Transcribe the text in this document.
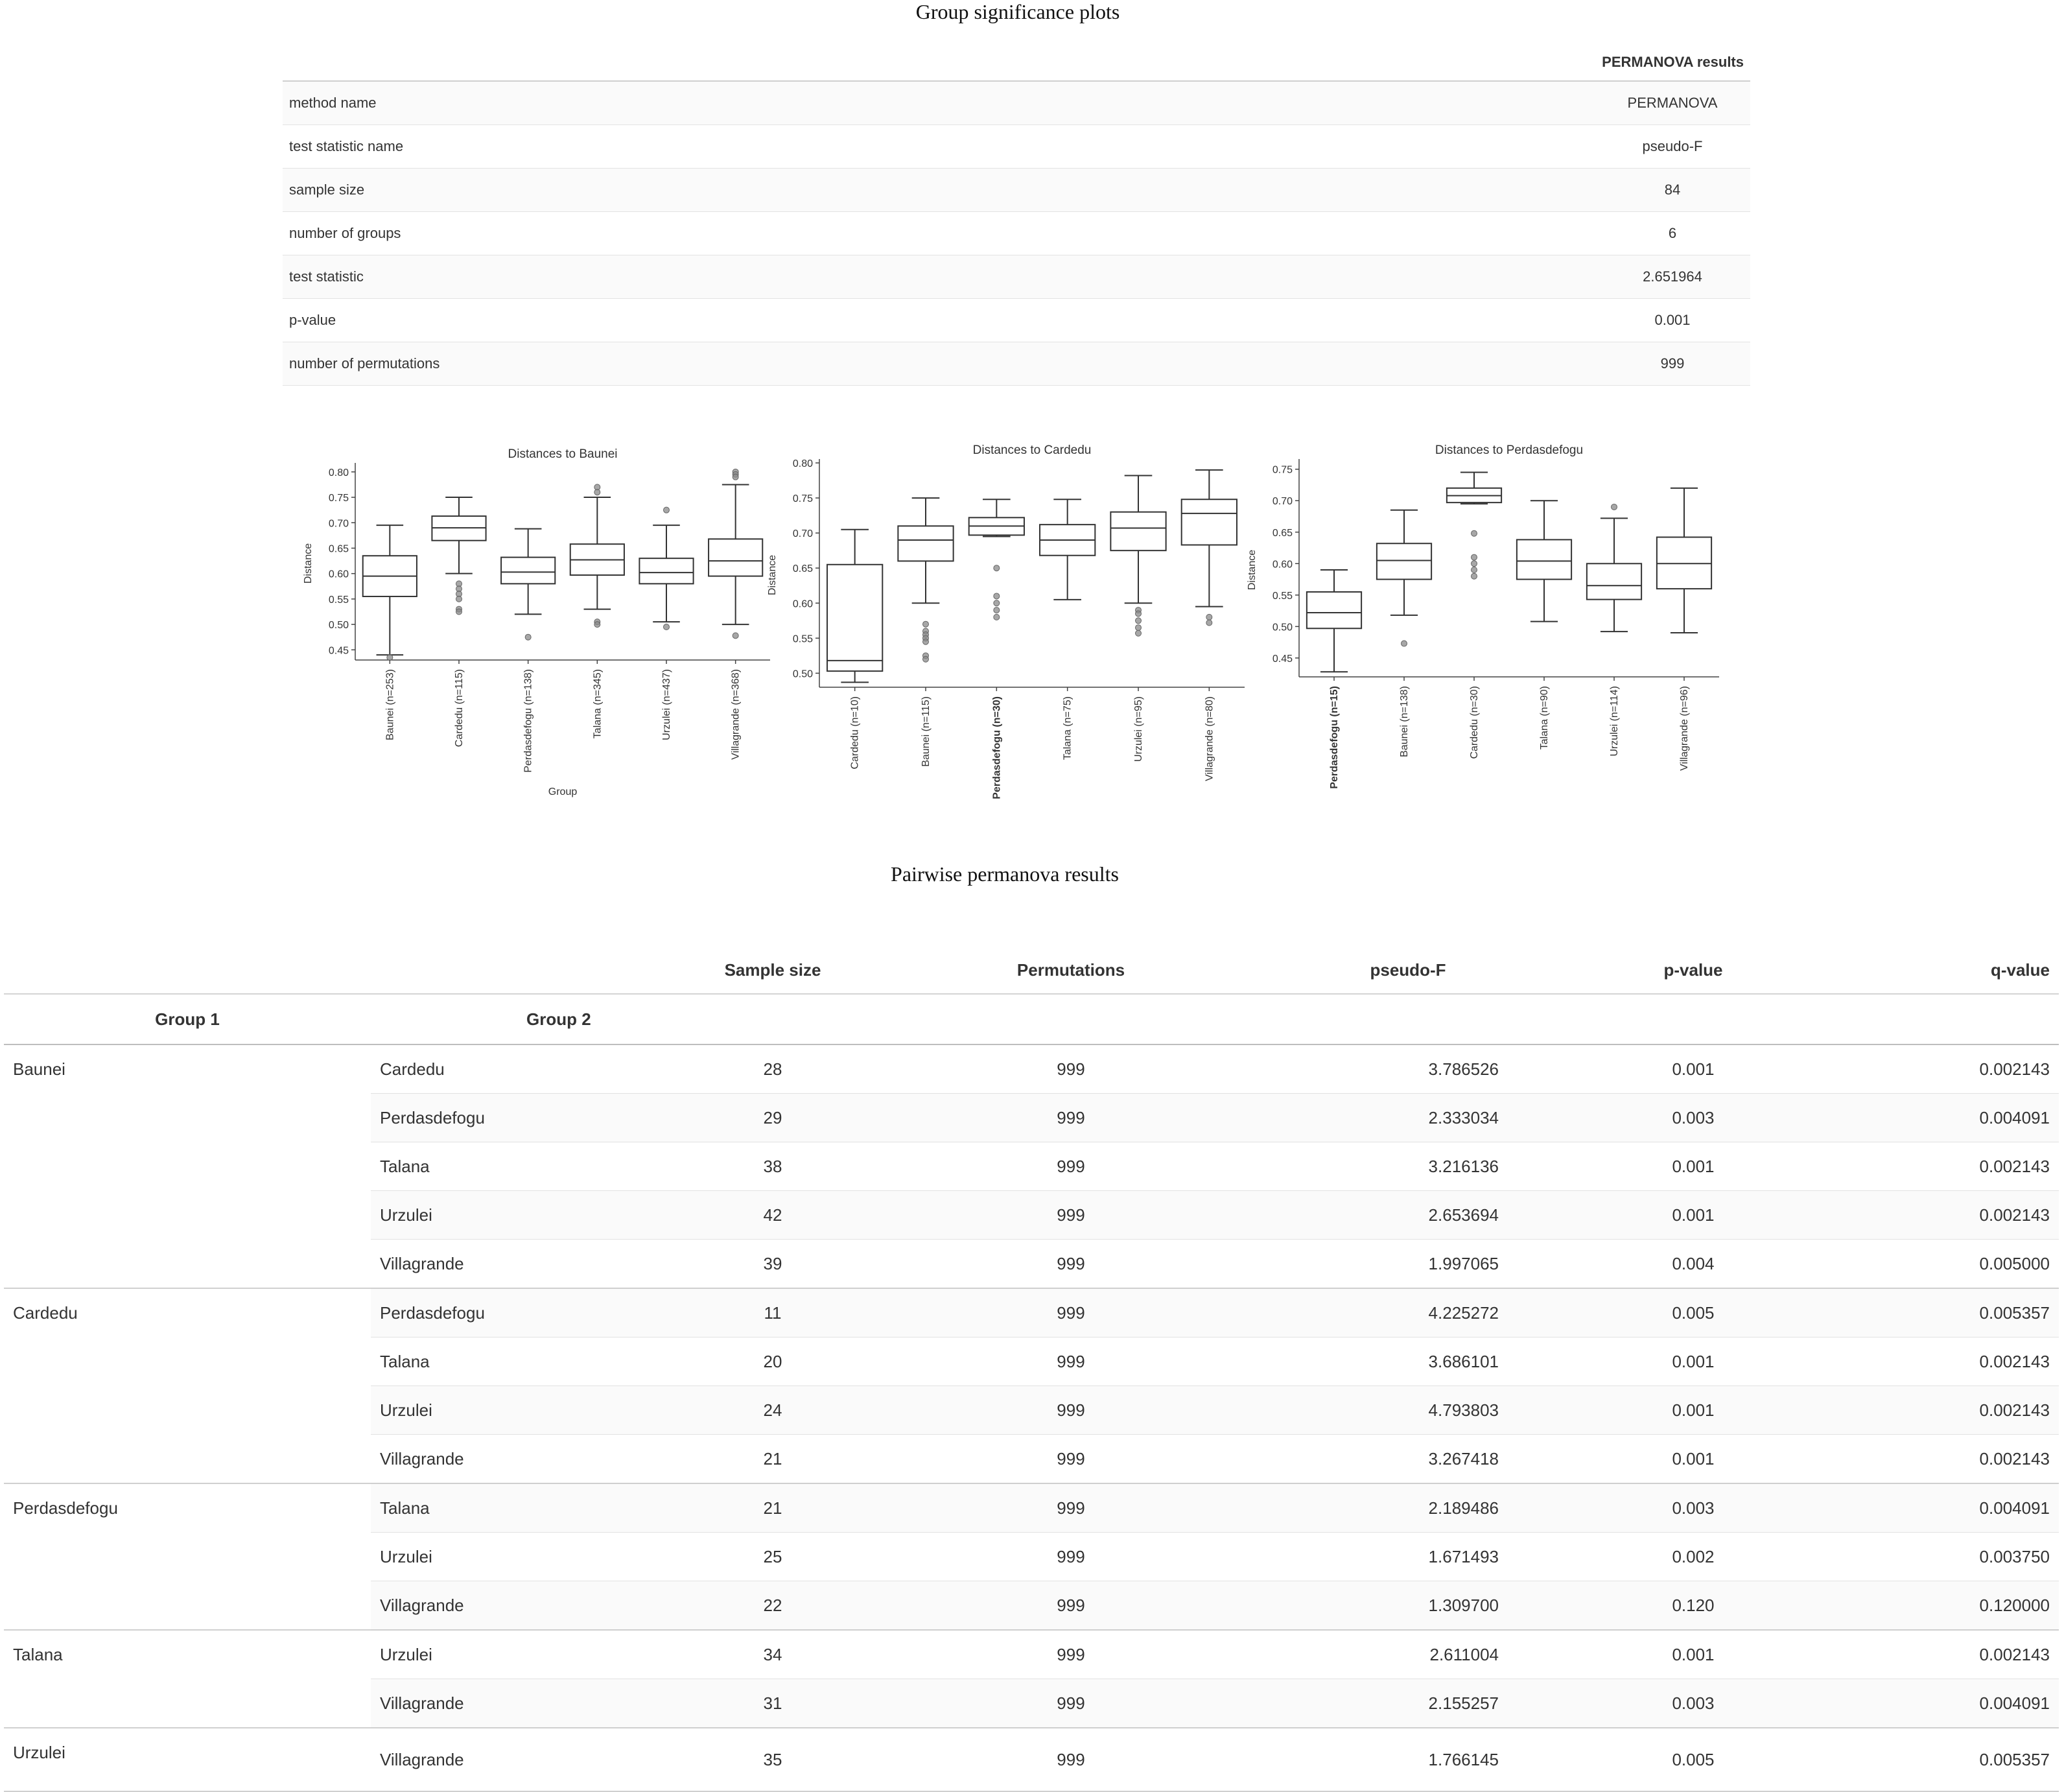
Group significance plots
	PERMANOVA results
method name	PERMANOVA
test statistic name	pseudo-F
sample size	84
number of groups	6
test statistic	2.651964
p-value	0.001
number of permutations	999
Distances to Baunei
0.45
0.50
0.55
0.60
0.65
0.70
0.75
0.80
Distance
Baunei (n=253)	Cardedu (n=115)	Perdasdefogu (n=138)	Talana (n=345)	Urzulei (n=437)	Villagrande (n=368)
Group
Distances to Cardedu
0.50
0.55
0.60
0.65
0.70
0.75
0.80
Distance
Cardedu (n=10)	Baunei (n=115)	Perdasdefogu (n=30)	Talana (n=75)	Urzulei (n=95)	Villagrande (n=80)
Distances to Perdasdefogu
0.45
0.50
0.55
0.60
0.65
0.70
0.75
Distance
Perdasdefogu (n=15)	Baunei (n=138)	Cardedu (n=30)	Talana (n=90)	Urzulei (n=114)	Villagrande (n=96)
Pairwise permanova results
		Sample size	Permutations	pseudo-F	p-value	q-value
Group 1	Group 2					
Baunei	Cardedu	28	999	3.786526	0.001	0.002143
	Perdasdefogu	29	999	2.333034	0.003	0.004091
	Talana	38	999	3.216136	0.001	0.002143
	Urzulei	42	999	2.653694	0.001	0.002143
	Villagrande	39	999	1.997065	0.004	0.005000
Cardedu	Perdasdefogu	11	999	4.225272	0.005	0.005357
	Talana	20	999	3.686101	0.001	0.002143
	Urzulei	24	999	4.793803	0.001	0.002143
	Villagrande	21	999	3.267418	0.001	0.002143
Perdasdefogu	Talana	21	999	2.189486	0.003	0.004091
	Urzulei	25	999	1.671493	0.002	0.003750
	Villagrande	22	999	1.309700	0.120	0.120000
Talana	Urzulei	34	999	2.611004	0.001	0.002143
	Villagrande	31	999	2.155257	0.003	0.004091
Urzulei	Villagrande	35	999	1.766145	0.005	0.005357
